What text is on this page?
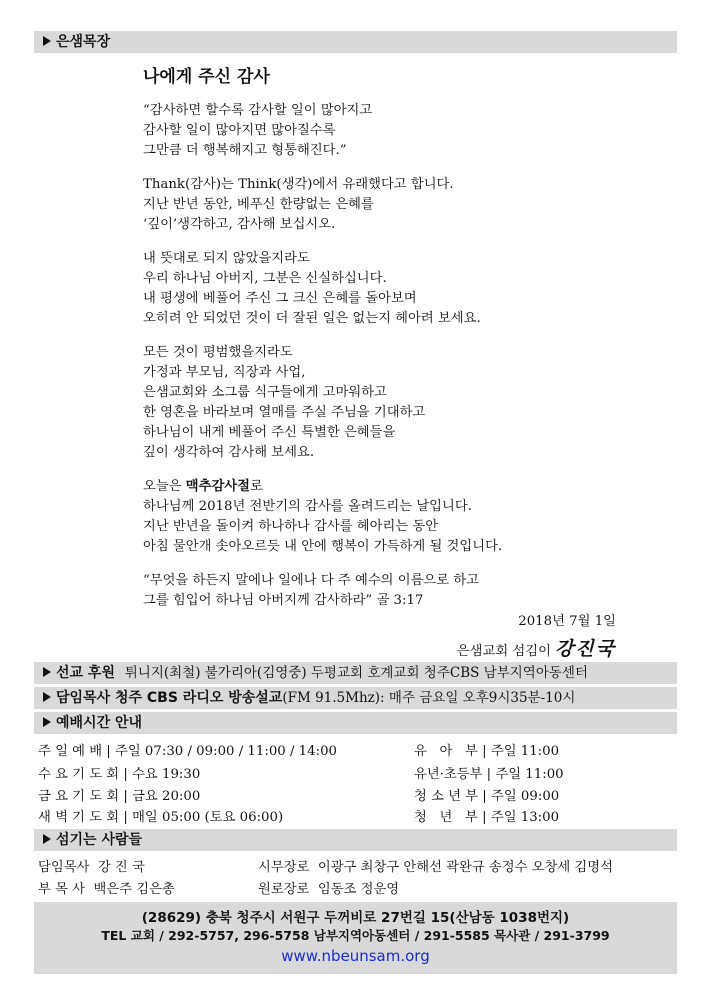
은샘목장
나에게 주신 감사

“감사하면 할수록 감사할 일이 많아지고
감사할 일이 많아지면 많아질수록
그만큼 더 행복해지고 형통해진다.”

Thank(감사)는 Think(생각)에서 유래했다고 합니다.
지난 반년 동안, 베푸신 한량없는 은혜를
‘깊이’생각하고, 감사해 보십시오.

내 뜻대로 되지 않았을지라도
우리 하나님 아버지, 그분은 신실하십니다.
내 평생에 베풀어 주신 그 크신 은혜를 돌아보며
오히려 안 되었던 것이 더 잘된 일은 없는지 헤아려 보세요.

모든 것이 평범했을지라도
가정과 부모님, 직장과 사업,
은샘교회와 소그룹 식구들에게 고마워하고
한 영혼을 바라보며 열매를 주실 주님을 기대하고
하나님이 내게 베풀어 주신 특별한 은혜들을
깊이 생각하여 감사해 보세요.

오늘은 맥추감사절로
하나님께 2018년 전반기의 감사를 올려드리는 날입니다.
지난 반년을 돌이켜 하나하나 감사를 헤아리는 동안
아침 물안개 솟아오르듯 내 안에 행복이 가득하게 될 것입니다.

“무엇을 하든지 말에나 일에나 다 주 예수의 이름으로 하고
그를 힘입어 하나님 아버지께 감사하라” 골 3:17

2018년 7월 1일
은샘교회 섬김이 강진국
선교 후원 튀니지(최철) 불가리아(김영중) 두평교회 호계교회 청주CBS 남부지역아동센터
담임목사 청주 CBS 라디오 방송설교(FM 91.5Mhz): 매주 금요일 오후9시35분-10시
예배시간 안내
주 일 예 배 | 주일 07:30 / 09:00 / 11:00 / 14:00
수 요 기 도 회 | 수요 19:30
금 요 기 도 회 | 금요 20:00
새 벽 기 도 회 | 매일 05:00 (토요 06:00)
유   아   부 | 주일 11:00
유년·초등부 | 주일 11:00
청 소 년 부 | 주일 09:00
청   년   부 | 주일 13:00
섬기는 사람들
담임목사 강 진 국	시무장로 이광구 최창구 안해선 곽완규 송정수 오창세 김명석
부 목 사 백은주 김은총	원로장로 임동조 정운영
(28629) 충북 청주시 서원구 두꺼비로 27번길 15(산남동 1038번지)
TEL 교회 / 292-5757, 296-5758 남부지역아동센터 / 291-5585 목사관 / 291-3799
www.nbeunsam.org
